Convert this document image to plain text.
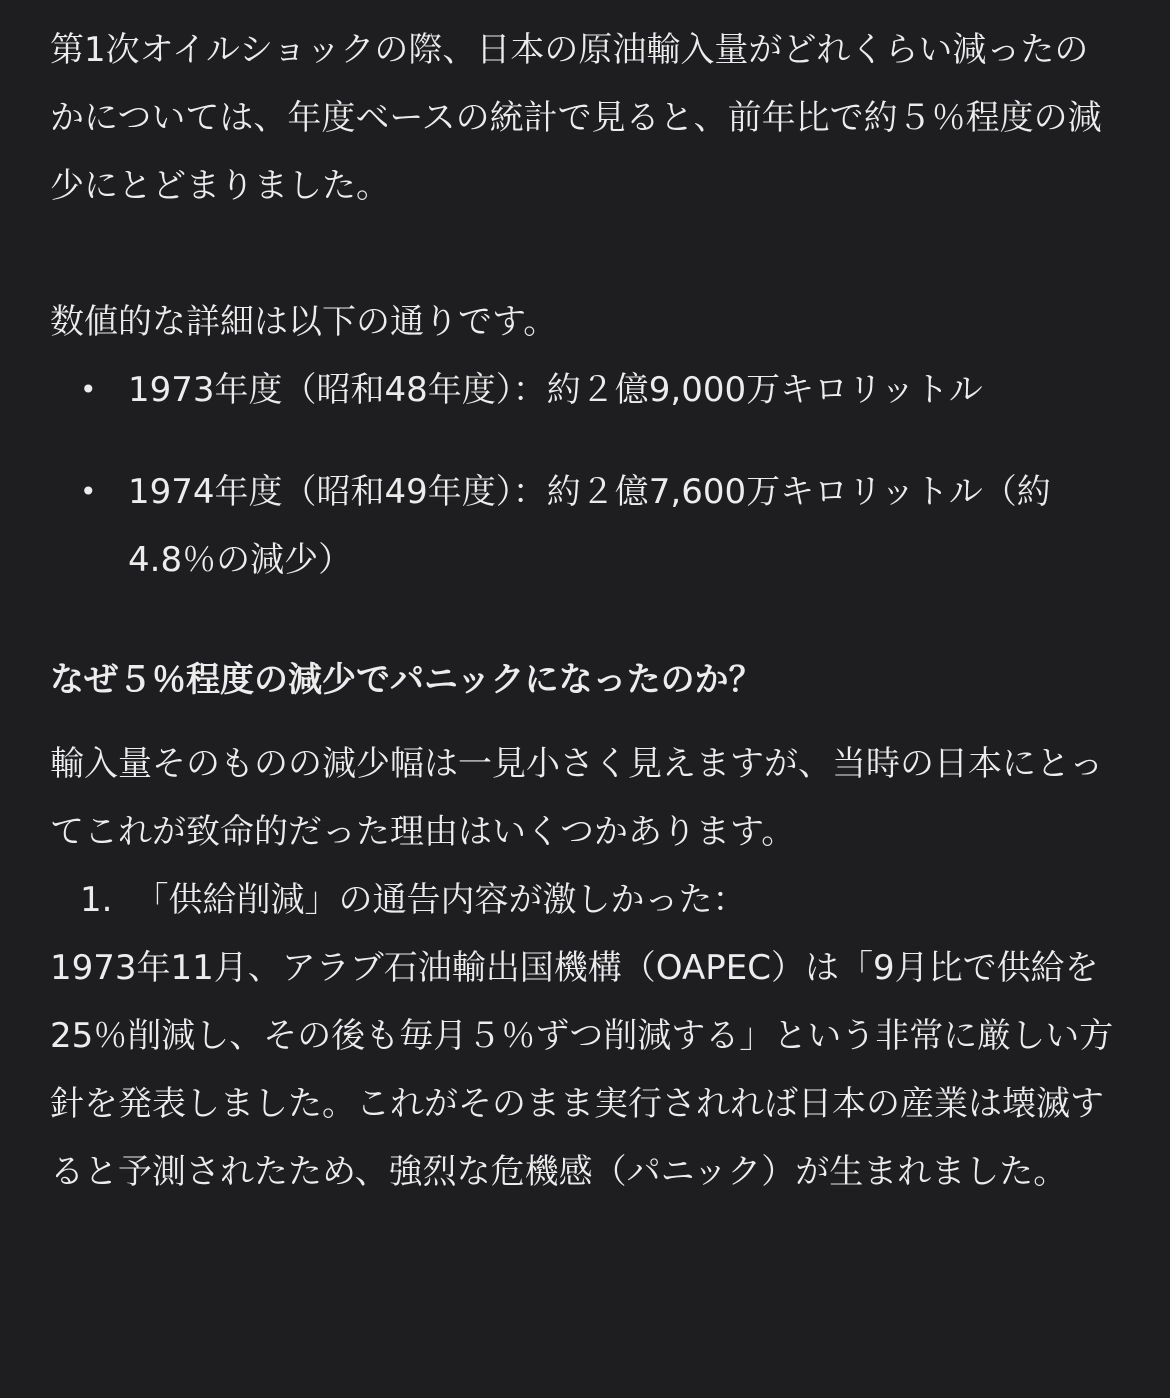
第1次オイルショックの際、日本の原油輸入量がどれくらい減ったのかについては、年度ベースの統計で見ると、前年比で約５％程度の減少にとどまりました。

数値的な詳細は以下の通りです。

• 1973年度（昭和48年度）：約２億9,000万キロリットル
• 1974年度（昭和49年度）：約２億7,600万キロリットル（約4.8％の減少）

なぜ５％程度の減少でパニックになったのか？

輸入量そのものの減少幅は一見小さく見えますが、当時の日本にとってこれが致命的だった理由はいくつかあります。

1. 「供給削減」の通告内容が激しかった：

1973年11月、アラブ石油輸出国機構（OAPEC）は「9月比で供給を25％削減し、その後も毎月５％ずつ削減する」という非常に厳しい方針を発表しました。これがそのまま実行されれば日本の産業は壊滅すると予測されたため、強烈な危機感（パニック）が生まれました。
